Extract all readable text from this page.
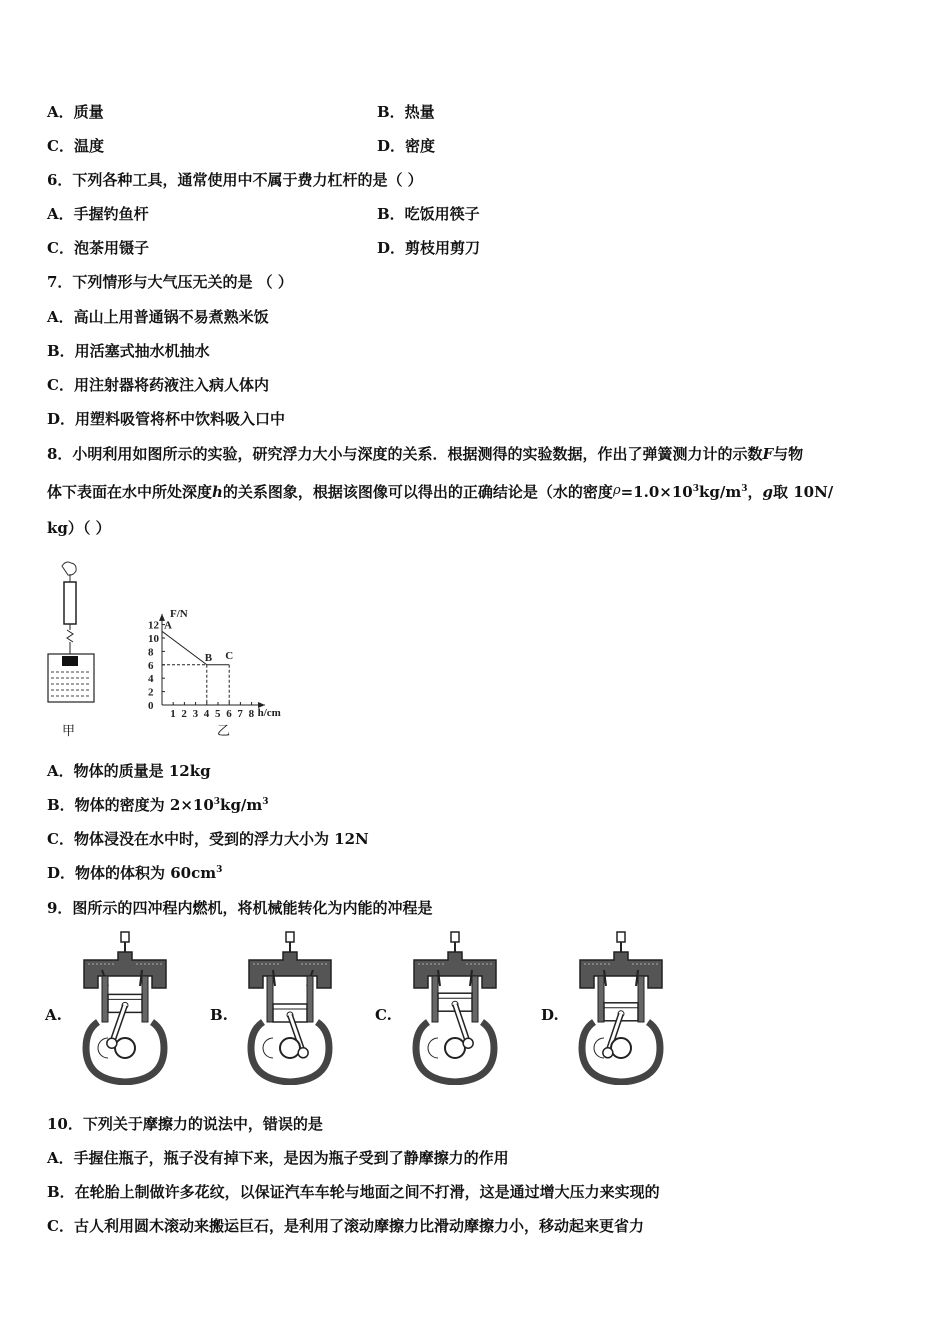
A．质量	B．热量
C．温度	D．密度
6．下列各种工具，通常使用中不属于费力杠杆的是（ ）
A．手握钓鱼杆	B．吃饭用筷子
C．泡茶用镊子	D．剪枝用剪刀
7．下列情形与大气压无关的是 （ ）
A．高山上用普通锅不易煮熟米饭
B．用活塞式抽水机抽水
C．用注射器将药液注入病人体内
D．用塑料吸管将杯中饮料吸入口中
8．小明利用如图所示的实验，研究浮力大小与深度的关系．根据测得的实验数据，作出了弹簧测力计的示数F与物
体下表面在水中所处深度h的关系图象，根据该图像可以得出的正确结论是（水的密度$\rho=1.0\times 10^3kg/m^3$，g取 10N/
kg）（ ）
甲
F/N
h/cm
0
2
4
6
8
10
12
1 2 3 4 5 6 7 8
A
B C
乙
A．物体的质量是 12kg
B．物体的密度为 $2\times 10^3kg/m^3$
C．物体浸没在水中时，受到的浮力大小为 12N
D．物体的体积为 $60cm^3$
9．图所示的四冲程内燃机，将机械能转化为内能的冲程是
A.	B.	C.	D.
10．下列关于摩擦力的说法中，错误的是
A．手握住瓶子，瓶子没有掉下来，是因为瓶子受到了静摩擦力的作用
B．在轮胎上制做许多花纹，以保证汽车车轮与地面之间不打滑，这是通过增大压力来实现的
C．古人利用圆木滚动来搬运巨石，是利用了滚动摩擦力比滑动摩擦力小，移动起来更省力
